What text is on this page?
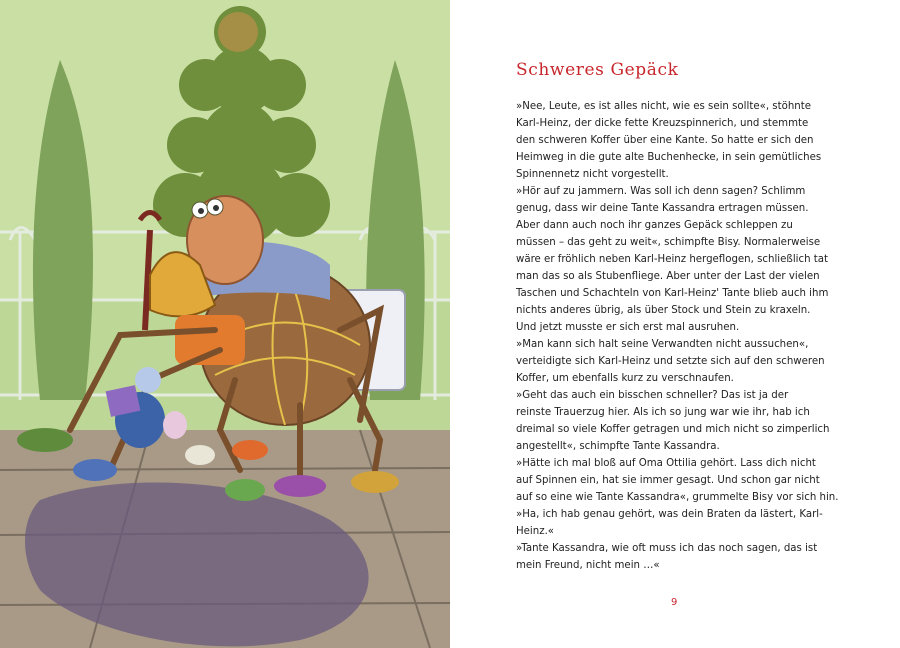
Schweres Gepäck

»Nee, Leute, es ist alles nicht, wie es sein sollte«, stöhnte
Karl-Heinz, der dicke fette Kreuzspinnerich, und stemmte
den schweren Koffer über eine Kante. So hatte er sich den
Heimweg in die gute alte Buchenhecke, in sein gemütliches
Spinnennetz nicht vorgestellt.
»Hör auf zu jammern. Was soll ich denn sagen? Schlimm
genug, dass wir deine Tante Kassandra ertragen müssen.
Aber dann auch noch ihr ganzes Gepäck schleppen zu
müssen – das geht zu weit«, schimpfte Bisy. Normalerweise
wäre er fröhlich neben Karl-Heinz hergeflogen, schließlich tat
man das so als Stubenfliege. Aber unter der Last der vielen
Taschen und Schachteln von Karl-Heinz' Tante blieb auch ihm
nichts anderes übrig, als über Stock und Stein zu kraxeln.
Und jetzt musste er sich erst mal ausruhen.
»Man kann sich halt seine Verwandten nicht aussuchen«,
verteidigte sich Karl-Heinz und setzte sich auf den schweren
Koffer, um ebenfalls kurz zu verschnaufen.
»Geht das auch ein bisschen schneller? Das ist ja der
reinste Trauerzug hier. Als ich so jung war wie ihr, hab ich
dreimal so viele Koffer getragen und mich nicht so zimperlich
angestellt«, schimpfte Tante Kassandra.
»Hätte ich mal bloß auf Oma Ottilia gehört. Lass dich nicht
auf Spinnen ein, hat sie immer gesagt. Und schon gar nicht
auf so eine wie Tante Kassandra«, grummelte Bisy vor sich hin.
»Ha, ich hab genau gehört, was dein Braten da lästert, Karl-
Heinz.«
»Tante Kassandra, wie oft muss ich das noch sagen, das ist
mein Freund, nicht mein …«

9
